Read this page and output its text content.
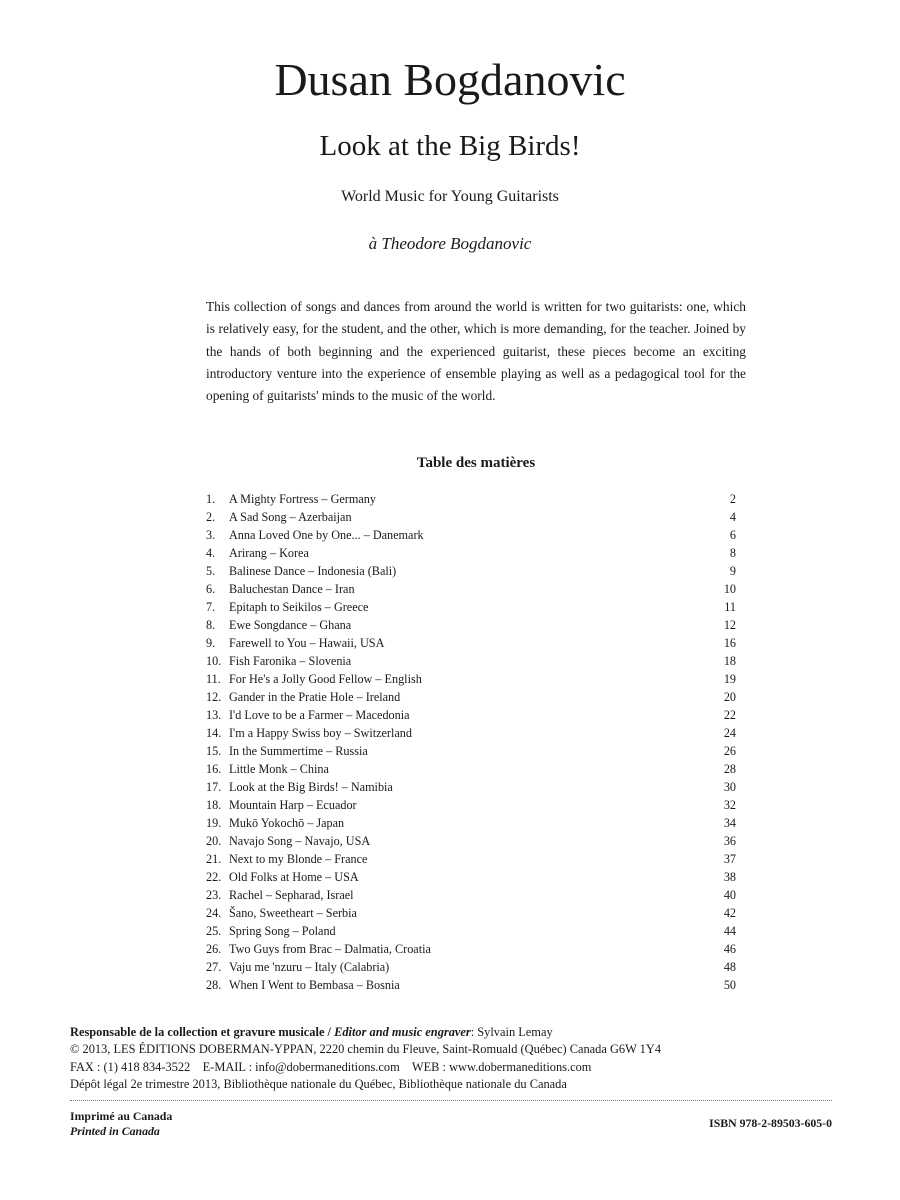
Dusan Bogdanovic
Look at the Big Birds!
World Music for Young Guitarists
à Theodore Bogdanovic

This collection of songs and dances from around the world is written for two guitarists: one, which is relatively easy, for the student, and the other, which is more demanding, for the teacher. Joined by the hands of both beginning and the experienced guitarist, these pieces become an exciting introductory venture into the experience of ensemble playing as well as a pedagogical tool for the opening of guitarists' minds to the music of the world.

Table des matières
1.	A Mighty Fortress – Germany	2
2.	A Sad Song – Azerbaijan	4
3.	Anna Loved One by One... – Danemark	6
4.	Arirang – Korea	8
5.	Balinese Dance – Indonesia (Bali)	9
6.	Baluchestan Dance – Iran	10
7.	Epitaph to Seikilos – Greece	11
8.	Ewe Songdance – Ghana	12
9.	Farewell to You – Hawaii, USA	16
10. Fish Faronika – Slovenia	18
11. For He's a Jolly Good Fellow – English	19
12. Gander in the Pratie Hole – Ireland	20
13. I'd Love to be a Farmer – Macedonia	22
14. I'm a Happy Swiss boy – Switzerland	24
15. In the Summertime – Russia	26
16. Little Monk – China	28
17. Look at the Big Birds! – Namibia	30
18. Mountain Harp – Ecuador	32
19. Mukō Yokochō – Japan	34
20. Navajo Song – Navajo, USA	36
21. Next to my Blonde – France	37
22. Old Folks at Home – USA	38
23. Rachel – Sepharad, Israel	40
24. Šano, Sweetheart – Serbia	42
25. Spring Song – Poland	44
26. Two Guys from Brac – Dalmatia, Croatia	46
27. Vaju me 'nzuru – Italy (Calabria)	48
28. When I Went to Bembasa – Bosnia	50
Responsable de la collection et gravure musicale / Editor and music engraver: Sylvain Lemay
© 2013, LES ÉDITIONS DOBERMAN-YPPAN, 2220 chemin du Fleuve, Saint-Romuald (Québec) Canada G6W 1Y4
FAX : (1) 418 834-3522    E-MAIL : info@dobermaneditions.com    WEB : www.dobermaneditions.com
Dépôt légal 2e trimestre 2013, Bibliothèque nationale du Québec, Bibliothèque nationale du Canada
Imprimé au Canada
Printed in Canada
ISBN 978-2-89503-605-0
